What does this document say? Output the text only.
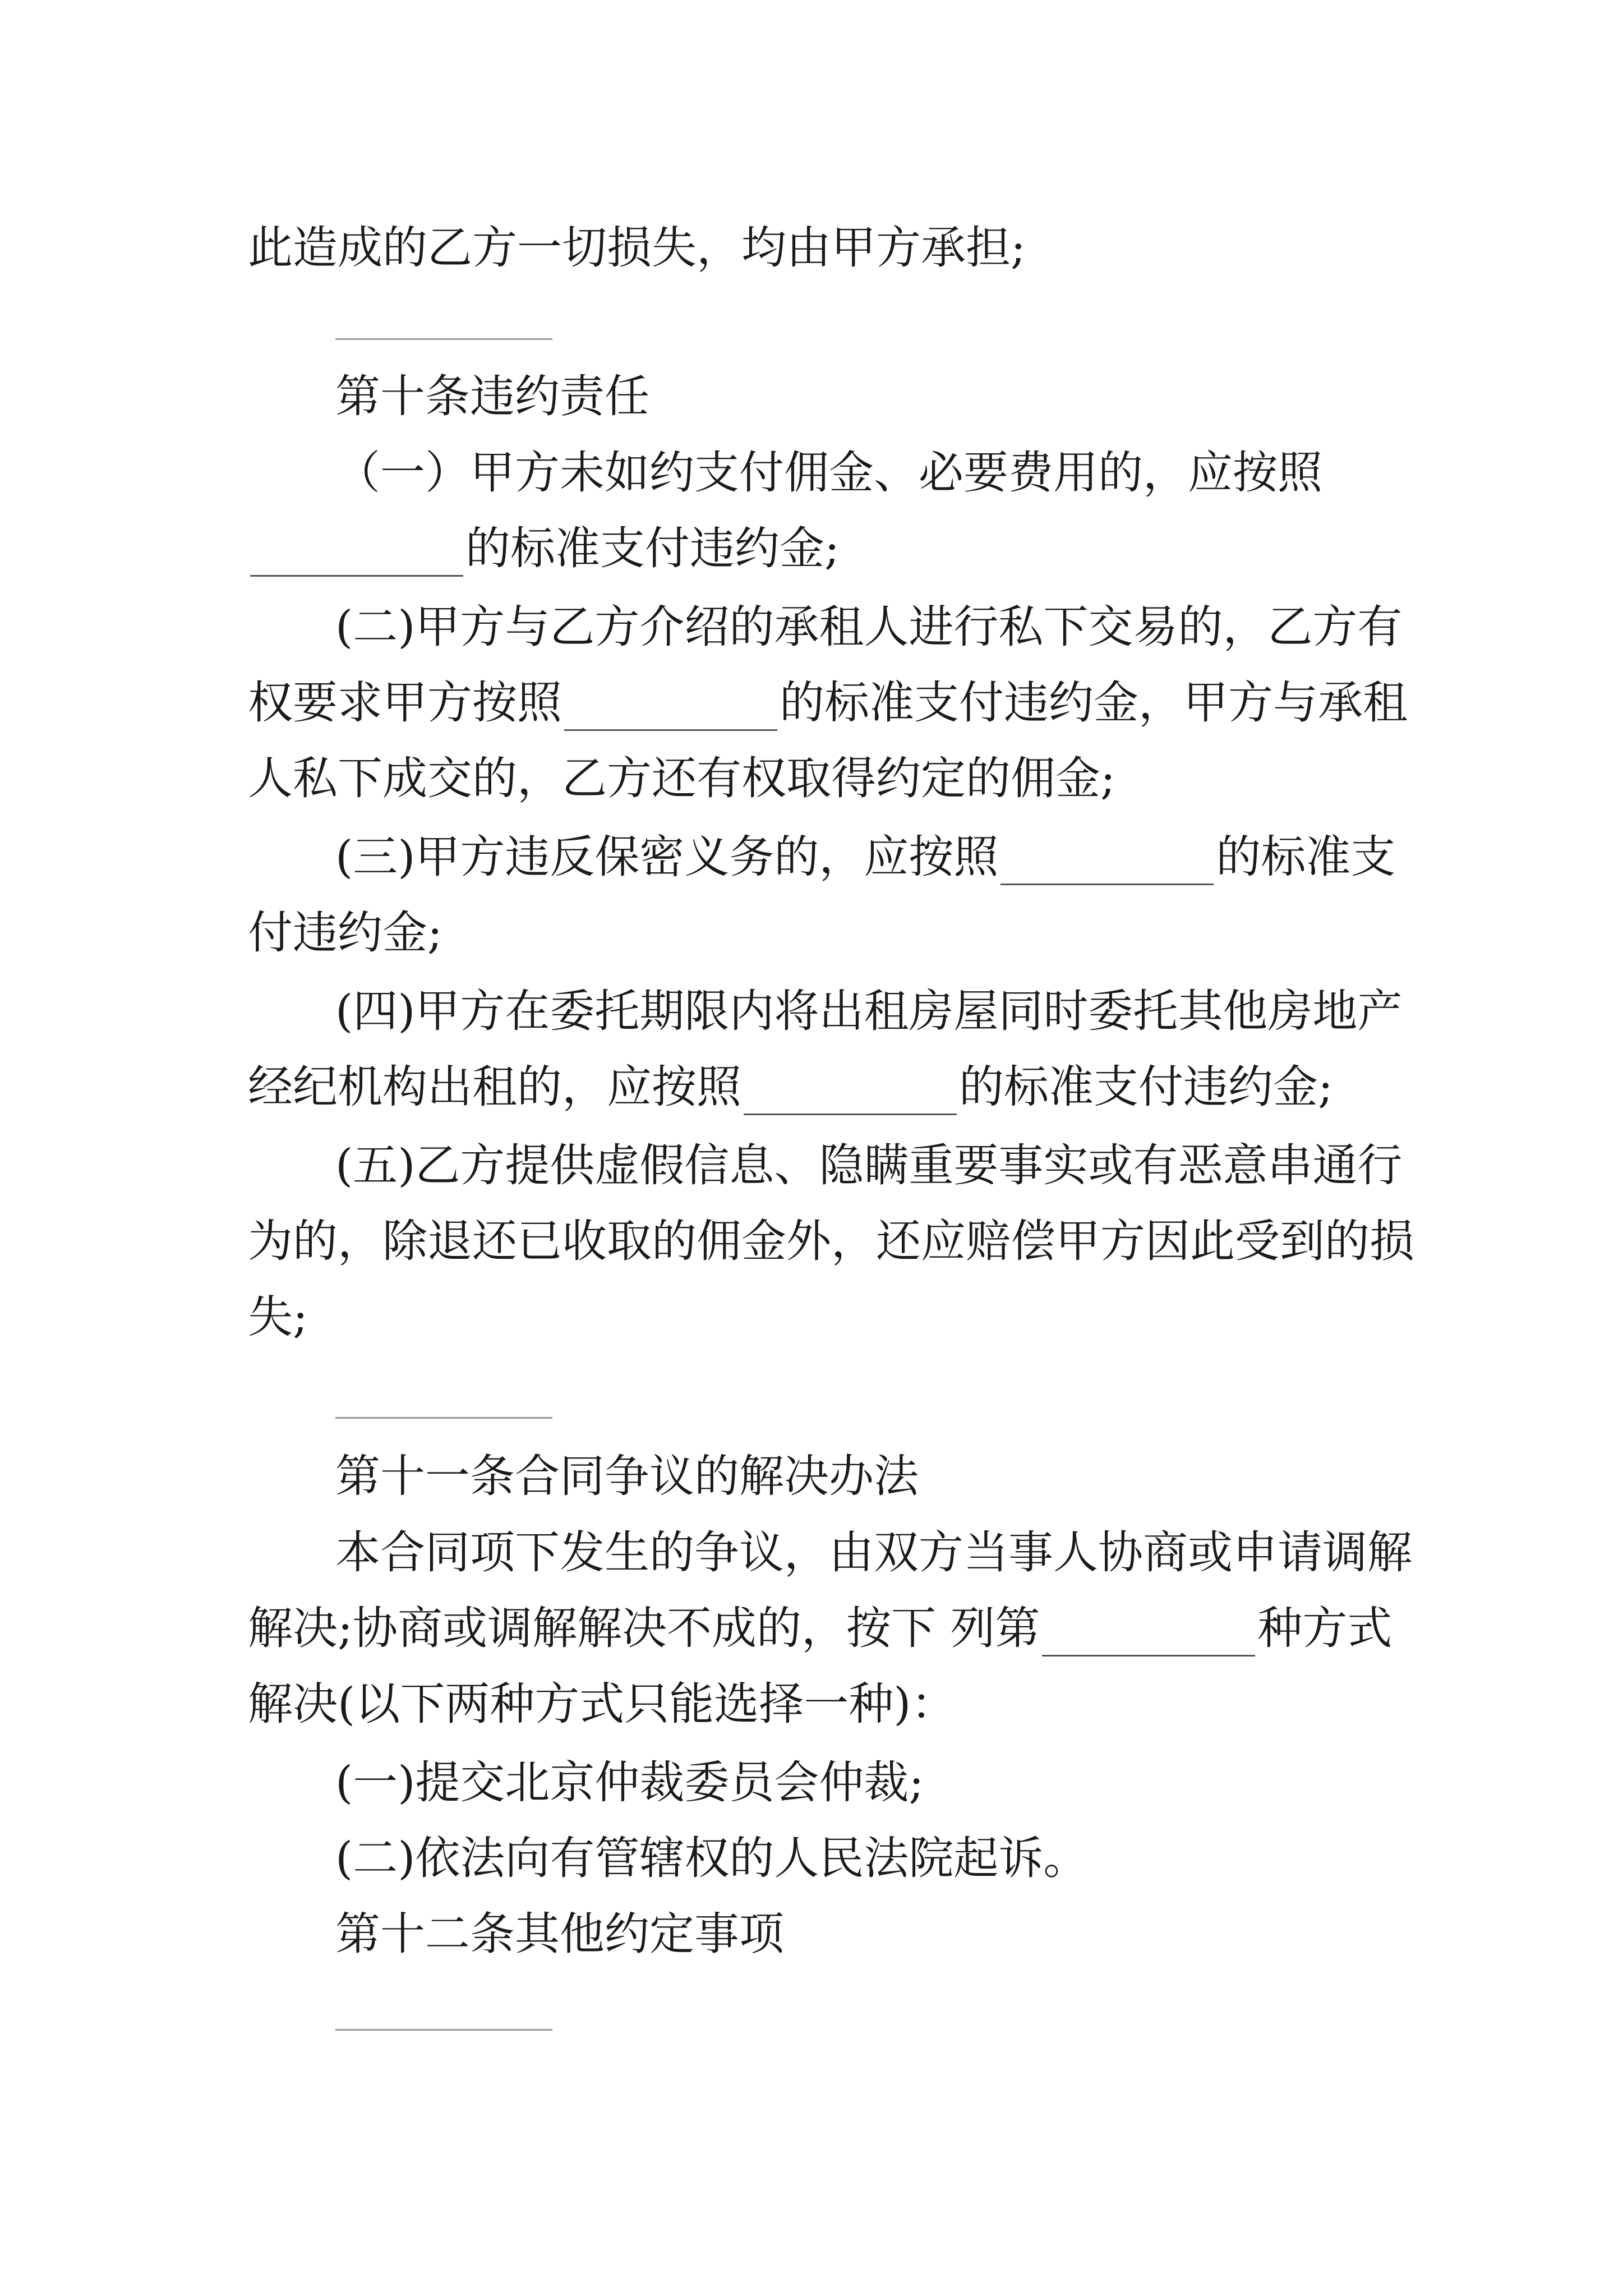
此造成的乙方一切损失，均由甲方承担;
第十条违约责任
（一）甲方未如约支付佣金、必要费用的，应按照
的标准支付违约金;
(二)甲方与乙方介绍的承租人进行私下交易的，乙方有
权要求甲方按照	的标准支付违约金，甲方与承租
人私下成交的，乙方还有权取得约定的佣金;
(三)甲方违反保密义务的，应按照	的标准支
付违约金;
(四)甲方在委托期限内将出租房屋同时委托其他房地产
经纪机构出租的，应按照	的标准支付违约金;
(五)乙方提供虚假信息、隐瞒重要事实或有恶意串通行
为的，除退还已收取的佣金外，还应赔偿甲方因此受到的损
失;
第十一条合同争议的解决办法
本合同项下发生的争议，由双方当事人协商或申请调解
解决;协商或调解解决不成的，按下 列第	种方式
解决(以下两种方式只能选择一种)：
(一)提交北京仲裁委员会仲裁;
(二)依法向有管辖权的人民法院起诉。
第十二条其他约定事项
